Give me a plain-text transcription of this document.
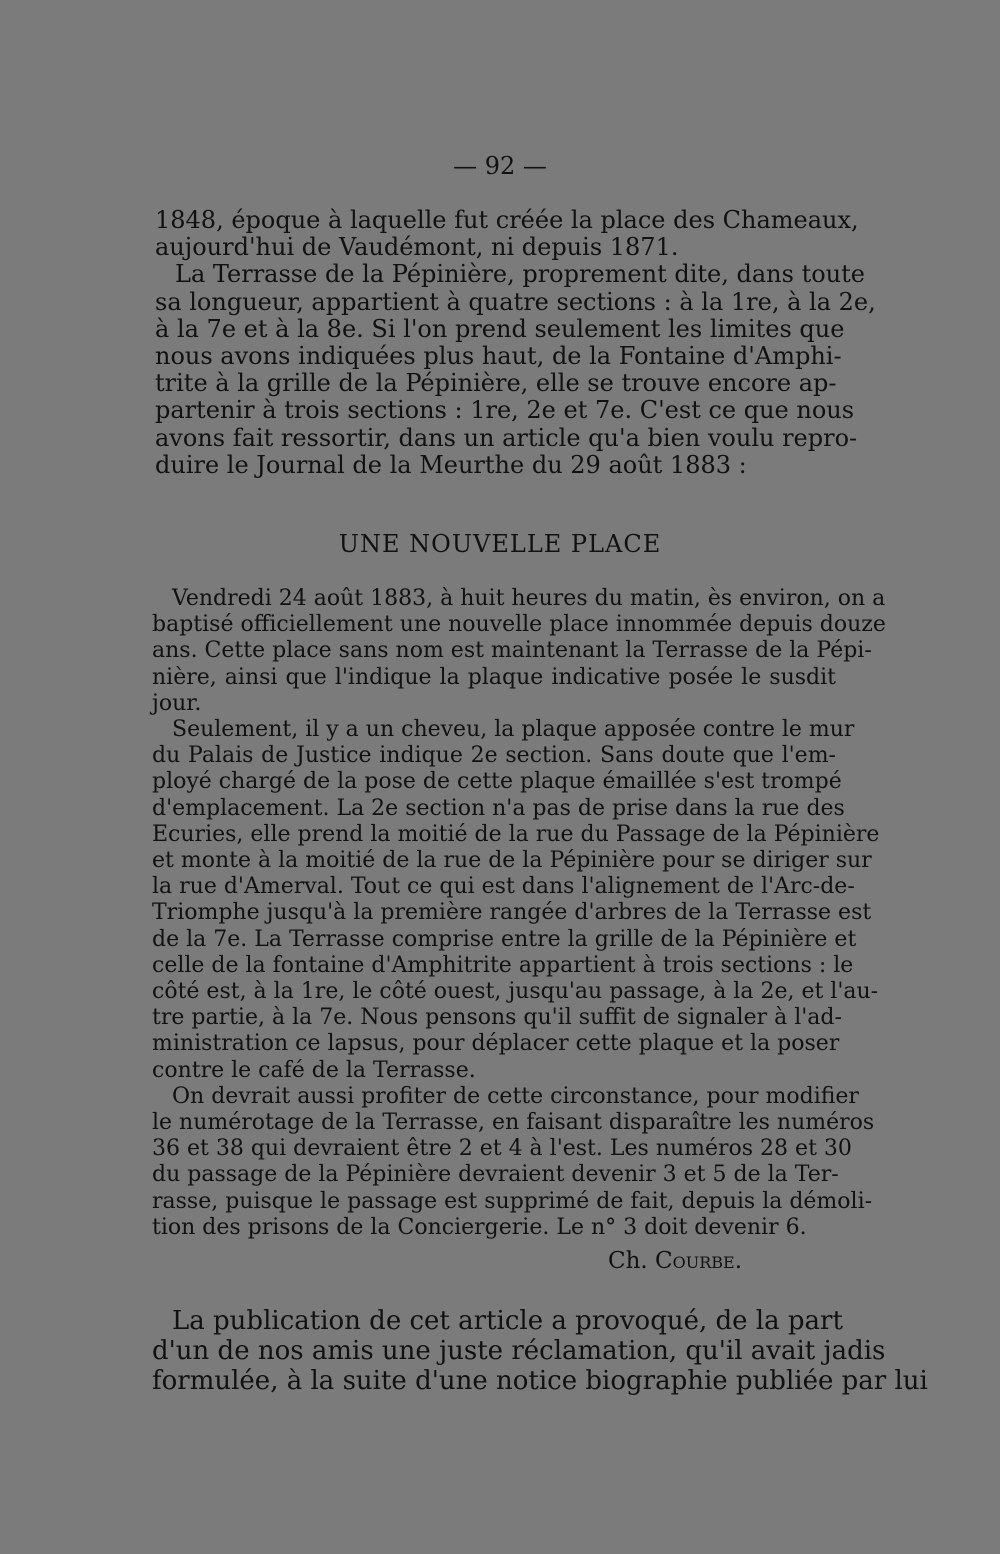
— 92 —
1848, époque à laquelle fut créée la place des Chameaux,
aujourd'hui de Vaudémont, ni depuis 1871.
La Terrasse de la Pépinière, proprement dite, dans toute
sa longueur, appartient à quatre sections : à la 1re, à la 2e,
à la 7e et à la 8e. Si l'on prend seulement les limites que
nous avons indiquées plus haut, de la Fontaine d'Amphi-
trite à la grille de la Pépinière, elle se trouve encore ap-
partenir à trois sections : 1re, 2e et 7e. C'est ce que nous
avons fait ressortir, dans un article qu'a bien voulu repro-
duire le Journal de la Meurthe du 29 août 1883 :
UNE NOUVELLE PLACE
Vendredi 24 août 1883, à huit heures du matin, ès environ, on a
baptisé officiellement une nouvelle place innommée depuis douze
ans. Cette place sans nom est maintenant la Terrasse de la Pépi-
nière, ainsi que l'indique la plaque indicative posée le susdit
jour.
Seulement, il y a un cheveu, la plaque apposée contre le mur
du Palais de Justice indique 2e section. Sans doute que l'em-
ployé chargé de la pose de cette plaque émaillée s'est trompé
d'emplacement. La 2e section n'a pas de prise dans la rue des
Ecuries, elle prend la moitié de la rue du Passage de la Pépinière
et monte à la moitié de la rue de la Pépinière pour se diriger sur
la rue d'Amerval. Tout ce qui est dans l'alignement de l'Arc-de-
Triomphe jusqu'à la première rangée d'arbres de la Terrasse est
de la 7e. La Terrasse comprise entre la grille de la Pépinière et
celle de la fontaine d'Amphitrite appartient à trois sections : le
côté est, à la 1re, le côté ouest, jusqu'au passage, à la 2e, et l'au-
tre partie, à la 7e. Nous pensons qu'il suffit de signaler à l'ad-
ministration ce lapsus, pour déplacer cette plaque et la poser
contre le café de la Terrasse.
On devrait aussi profiter de cette circonstance, pour modifier
le numérotage de la Terrasse, en faisant disparaître les numéros
36 et 38 qui devraient être 2 et 4 à l'est. Les numéros 28 et 30
du passage de la Pépinière devraient devenir 3 et 5 de la Ter-
rasse, puisque le passage est supprimé de fait, depuis la démoli-
tion des prisons de la Conciergerie. Le n° 3 doit devenir 6.
Ch. Courbe.
La publication de cet article a provoqué, de la part
d'un de nos amis une juste réclamation, qu'il avait jadis
formulée, à la suite d'une notice biographie publiée par lui
